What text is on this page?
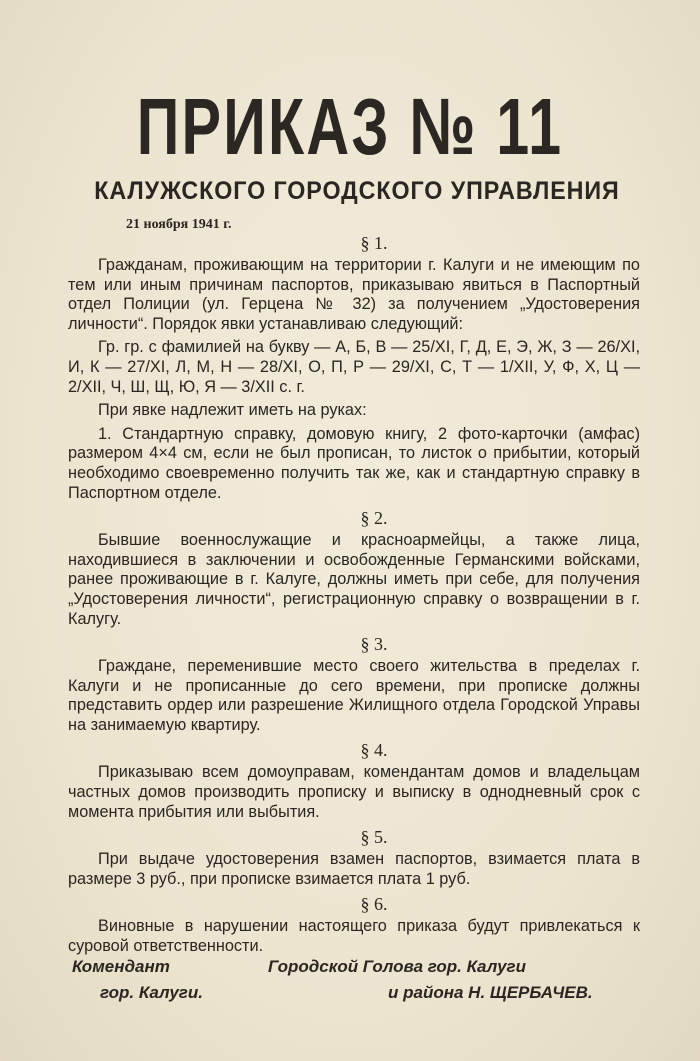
ПРИКАЗ № 11
КАЛУЖСКОГО ГОРОДСКОГО УПРАВЛЕНИЯ
21 ноября 1941 г.
§ 1.

Гражданам, проживающим на территории г. Калуги и не имеющим по тем или иным причинам паспортов, приказываю явиться в Паспортный отдел Полиции (ул. Герцена № 32) за получением „Удостоверения личности“. Порядок явки устанавливаю следующий:

Гр. гр. с фамилией на букву — А, Б, В — 25/XI, Г, Д, Е, Э, Ж, З — 26/XI, И, К — 27/XI, Л, М, Н — 28/XI, О, П, Р — 29/XI, С, Т — 1/XII, У, Ф, Х, Ц — 2/XII, Ч, Ш, Щ, Ю, Я — 3/XII с. г.

При явке надлежит иметь на руках:

1. Стандартную справку, домовую книгу, 2 фото-карточки (амфас) размером 4×4 см, если не был прописан, то листок о прибытии, который необходимо своевременно получить так же, как и стандартную справку в Паспортном отделе.

§ 2.

Бывшие военнослужащие и красноармейцы, а также лица, находившиеся в заключении и освобожденные Германскими войсками, ранее проживающие в г. Калуге, должны иметь при себе, для получения „Удостоверения личности“, регистрационную справку о возвращении в г. Калугу.

§ 3.

Граждане, переменившие место своего жительства в пределах г. Калуги и не прописанные до сего времени, при прописке должны представить ордер или разрешение Жилищного отдела Городской Управы на занимаемую квартиру.

§ 4.

Приказываю всем домоуправам, комендантам домов и владельцам частных домов производить прописку и выписку в однодневный срок с момента прибытия или выбытия.

§ 5.

При выдаче удостоверения взамен паспортов, взимается плата в размере 3 руб., при прописке взимается плата 1 руб.

§ 6.

Виновные в нарушении настоящего приказа будут привлекаться к суровой ответственности.

Комендант
гор. Калуги.
Городской Голова гор. Калуги
и района Н. ЩЕРБАЧЕВ.
